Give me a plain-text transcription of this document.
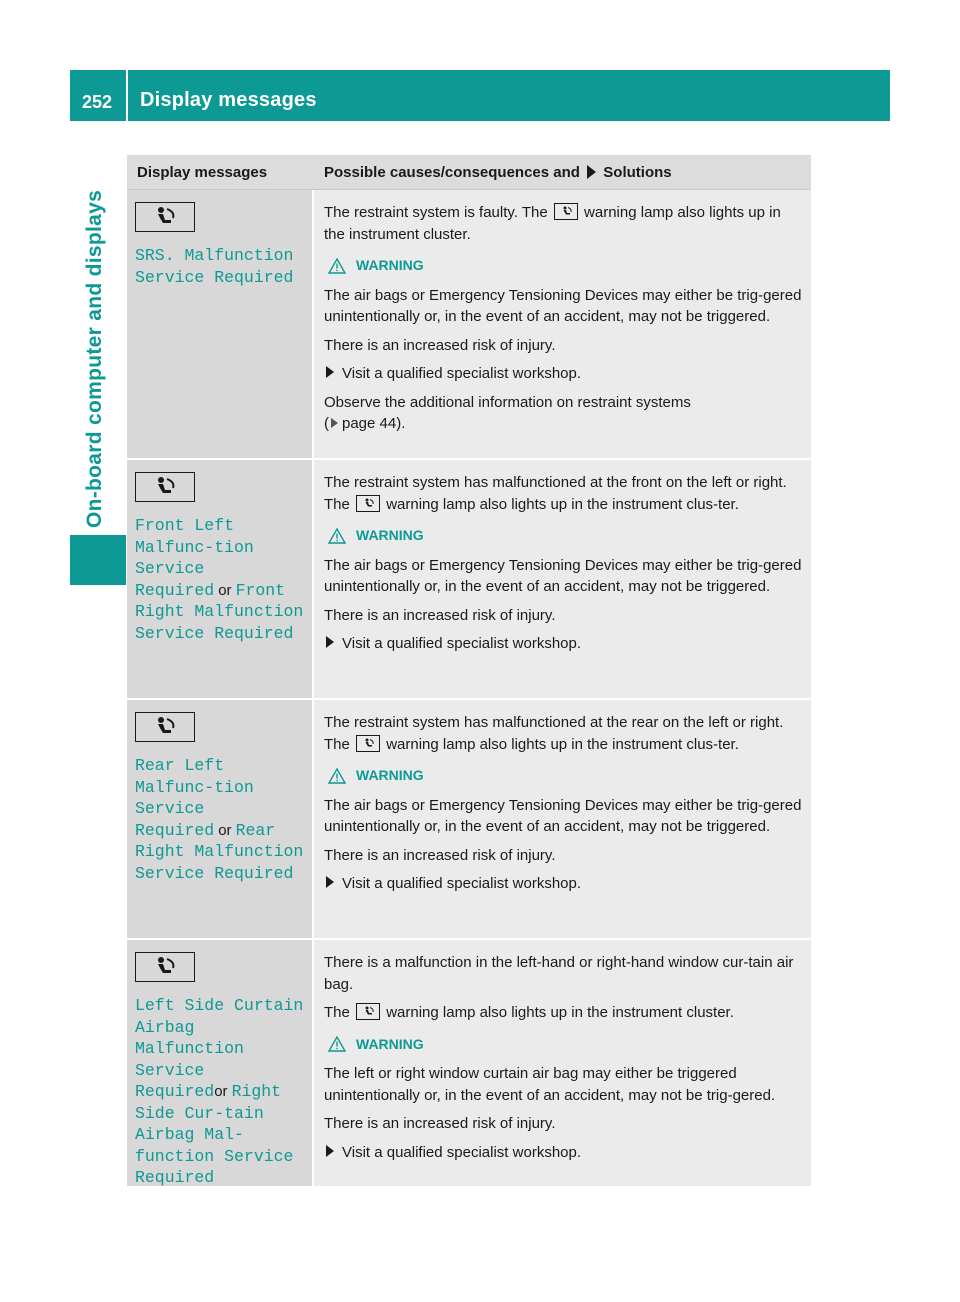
252 Display messages
On-board computer and displays
Display messages	Possible causes/consequences and Solutions
SRS. Malfunction Service Required

The restraint system is faulty. The warning lamp also lights up in the instrument cluster.

WARNING

The air bags or Emergency Tensioning Devices may either be trig-gered unintentionally or, in the event of an accident, may not be triggered.

There is an increased risk of injury.

Visit a qualified specialist workshop.

Observe the additional information on restraint systems
( page 44).

Front Left Malfunc-tion Service Required or Front Right Malfunction Service Required

The restraint system has malfunctioned at the front on the left or right. The warning lamp also lights up in the instrument clus-ter.

WARNING

The air bags or Emergency Tensioning Devices may either be trig-gered unintentionally or, in the event of an accident, may not be triggered.

There is an increased risk of injury.

Visit a qualified specialist workshop.

Rear Left Malfunc-tion Service Required or Rear Right Malfunction Service Required

The restraint system has malfunctioned at the rear on the left or right. The warning lamp also lights up in the instrument clus-ter.

WARNING

The air bags or Emergency Tensioning Devices may either be trig-gered unintentionally or, in the event of an accident, may not be triggered.

There is an increased risk of injury.

Visit a qualified specialist workshop.

Left Side Curtain Airbag Malfunction Service Requiredor Right Side Cur-tain Airbag Mal-function Service Required

There is a malfunction in the left-hand or right-hand window cur-tain air bag.

The warning lamp also lights up in the instrument cluster.

WARNING

The left or right window curtain air bag may either be triggered unintentionally or, in the event of an accident, may not be trig-gered.

There is an increased risk of injury.

Visit a qualified specialist workshop.
